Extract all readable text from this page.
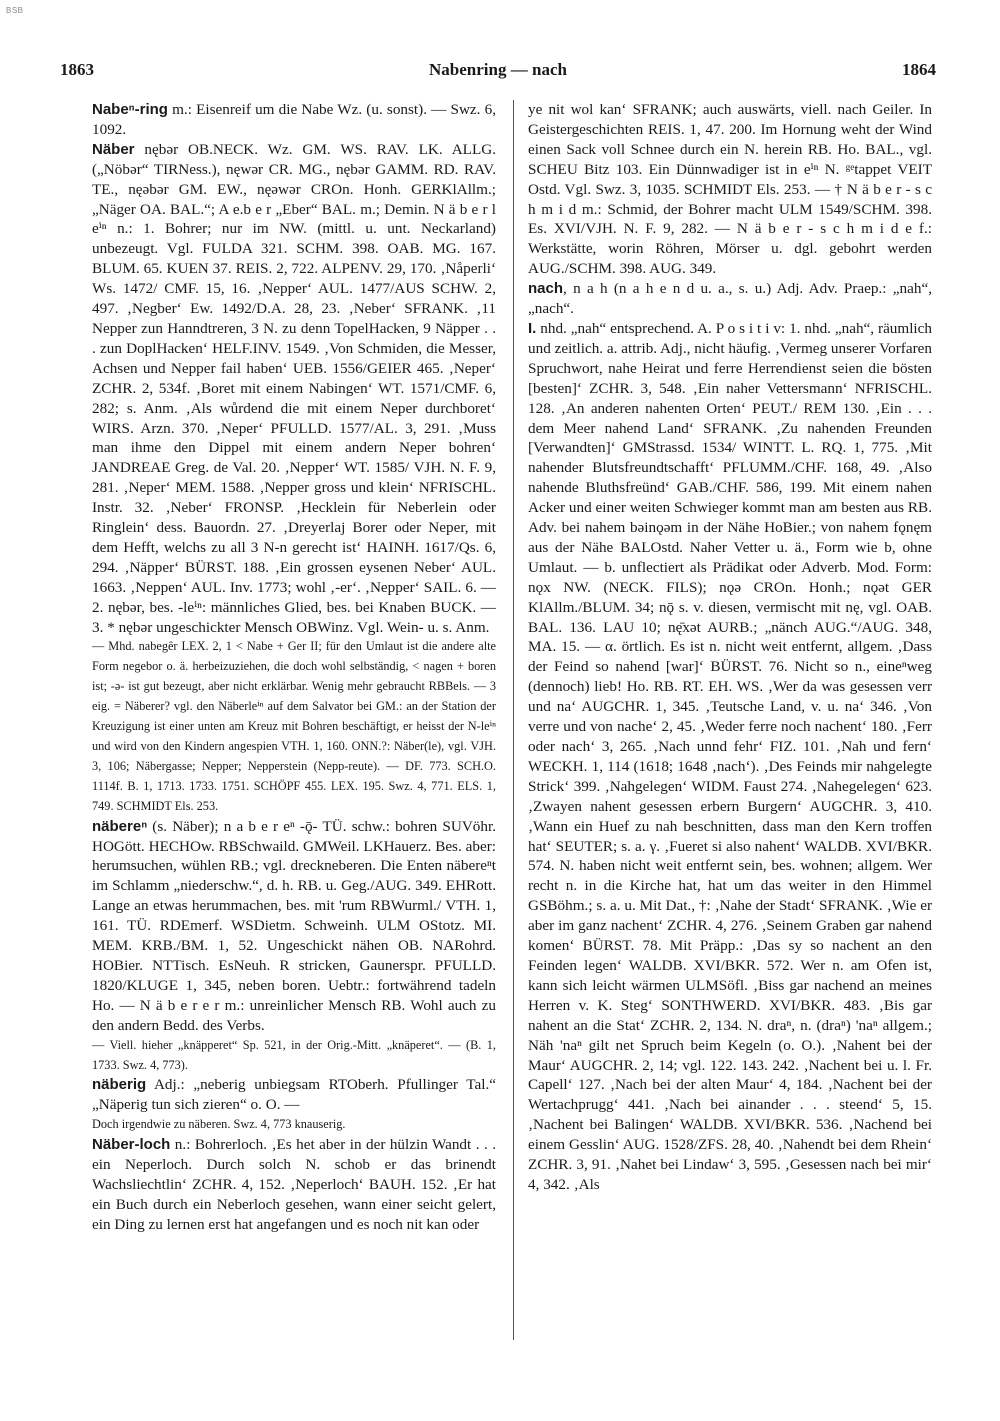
BSB
1863	Nabenring — nach	1864

Nabeⁿ-ring m.: Eisenreif um die Nabe Wz. (u. sonst). — Swz. 6, 1092.

Näber nębər OB.NECK. Wz. GM. WS. RAV. LK. ALLG. („Nöbər“ TIRNess.), nęwər CR. MG., nębər GAMM. RD. RAV. TE., nęəbər GM. EW., nęəwər CROn. Honh. GERKlAllm.; „Näger OA. BAL.“; A e.b e r „Eber“ BAL. m.; Demin. N ä b e r l eⁱⁿ n.: 1. Bohrer; nur im NW. (mittl. u. unt. Neckarland) unbezeugt. Vgl. FULDA 321. SCHM. 398. OAB. MG. 167. BLUM. 65. KUEN 37. REIS. 2, 722. ALPENV. 29, 170. ‚Nåperli‘ Ws. 1472/ CMF. 15, 16. ‚Nepper‘ AUL. 1477/AUS SCHW. 2, 497. ‚Negber‘ Ew. 1492/D.A. 28, 23. ‚Neber‘ SFRANK. ‚11 Nepper zun Hanndtreren, 3 N. zu denn TopelHacken, 9 Näpper . . . zun DoplHacken‘ HELF.INV. 1549. ‚Von Schmiden, die Messer, Achsen und Nepper fail haben‘ UEB. 1556/GEIER 465. ‚Neper‘ ZCHR. 2, 534f. ‚Boret mit einem Nabingen‘ WT. 1571/CMF. 6, 282; s. Anm. ‚Als wůrdend die mit einem Neper durchboret‘ WIRS. Arzn. 370. ‚Neper‘ PFULLD. 1577/AL. 3, 291. ‚Muss man ihme den Dippel mit einem andern Neper bohren‘ JANDREAE Greg. de Val. 20. ‚Nepper‘ WT. 1585/ VJH. N. F. 9, 281. ‚Neper‘ MEM. 1588. ‚Nepper gross und klein‘ NFRISCHL. Instr. 32. ‚Neber‘ FRONSP. ‚Hecklein für Neberlein oder Ringlein‘ dess. Bauordn. 27. ‚Dreyerlaj Borer oder Neper, mit dem Hefft, welchs zu all 3 N-n gerecht ist‘ HAINH. 1617/Qs. 6, 294. ‚Näpper‘ BÜRST. 188. ‚Ein grossen eysenen Neber‘ AUL. 1663. ‚Neppen‘ AUL. Inv. 1773; wohl ‚-er‘. ‚Nepper‘ SAIL. 6. — 2. nębər, bes. -leⁱⁿ: männliches Glied, bes. bei Knaben BUCK. — 3. * nębər ungeschickter Mensch OBWinz. Vgl. Wein- u. s. Anm.

— Mhd. nabegêr LEX. 2, 1 < Nabe + Ger II; für den Umlaut ist die andere alte Form negebor o. ä. herbeizuziehen, die doch wohl selbständig, < nagen + boren ist; -ə- ist gut bezeugt, aber nicht erklärbar. Wenig mehr gebraucht RBBels. — 3 eig. = Näberer? vgl. den Näberleⁱⁿ auf dem Salvator bei GM.: an der Station der Kreuzigung ist einer unten am Kreuz mit Bohren beschäftigt, er heisst der N-leⁱⁿ und wird von den Kindern angespien VTH. 1, 160. ONN.?: Näber(le), vgl. VJH. 3, 106; Näbergasse; Nepper; Nepperstein (Nepp-reute). — DF. 773. SCH.O. 1114f. B. 1, 1713. 1733. 1751. SCHÖPF 455. LEX. 195. Swz. 4, 771. ELS. 1, 749. SCHMIDT Els. 253.

näbereⁿ (s. Näber); n a b e r eⁿ -ǭ- TÜ. schw.: bohren SUVöhr. HOGött. HECHOw. RBSchwaild. GMWeil. LKHauerz. Bes. aber: herumsuchen, wühlen RB.; vgl. dreckneberen. Die Enten näbereⁿt im Schlamm „niederschw.“, d. h. RB. u. Geg./AUG. 349. EHRott. Lange an etwas herummachen, bes. mit 'rum RBWurml./ VTH. 1, 161. TÜ. RDEmerf. WSDietm. Schweinh. ULM OStotz. MI. MEM. KRB./BM. 1, 52. Ungeschickt nähen OB. NARohrd. HOBier. NTTisch. EsNeuh. R stricken, Gaunerspr. PFULLD. 1820/KLUGE 1, 345, neben boren. Uebtr.: fortwährend tadeln Ho. — N ä b e r e r m.: unreinlicher Mensch RB. Wohl auch zu den andern Bedd. des Verbs.

— Viell. hieher „knäpperet“ Sp. 521, in der Orig.-Mitt. „knäperet“. — (B. 1, 1733. Swz. 4, 773).

näberig Adj.: „neberig unbiegsam RTOberh. Pfullinger Tal.“ „Näperig tun sich zieren“ o. O. —

Doch irgendwie zu näberen. Swz. 4, 773 knauserig.

Näber-loch n.: Bohrerloch. ‚Es het aber in der hülzin Wandt . . . ein Neperloch. Durch solch N. schob er das brinendt Wachsliechtlin‘ ZCHR. 4, 152. ‚Neperloch‘ BAUH. 152. ‚Er hat ein Buch durch ein Neberloch gesehen, wann einer seicht gelert, ein Ding zu lernen erst hat angefangen und es noch nit kan oder

ye nit wol kan‘ SFRANK; auch auswärts, viell. nach Geiler. In Geistergeschichten REIS. 1, 47. 200. Im Hornung weht der Wind einen Sack voll Schnee durch ein N. herein RB. Ho. BAL., vgl. SCHEU Bitz 103. Ein Dünnwadiger ist in eⁱⁿ N. ᵍᵉtappet VEIT Ostd. Vgl. Swz. 3, 1035. SCHMIDT Els. 253. — † N ä b e r - s c h m i d m.: Schmid, der Bohrer macht ULM 1549/SCHM. 398. Es. XVI/VJH. N. F. 9, 282. — N ä b e r - s c h m i d e f.: Werkstätte, worin Röhren, Mörser u. dgl. gebohrt werden AUG./SCHM. 398. AUG. 349.

nach, n a h (n a h e n d u. a., s. u.) Adj. Adv. Praep.: „nah“, „nach“.

I. nhd. „nah“ entsprechend. A. P o s i t i v: 1. nhd. „nah“, räumlich und zeitlich. a. attrib. Adj., nicht häufig. ‚Vermeg unserer Vorfaren Spruchwort, nahe Heirat und ferre Herrendienst seien die bösten [besten]‘ ZCHR. 3, 548. ‚Ein naher Vettersmann‘ NFRISCHL. 128. ‚An anderen nahenten Orten‘ PEUT./ REM 130. ‚Ein . . . dem Meer nahend Land‘ SFRANK. ‚Zu nahenden Freunden [Verwandten]‘ GMStrassd. 1534/ WINTT. L. RQ. 1, 775. ‚Mit nahender Blutsfreundtschafft‘ PFLUMM./CHF. 168, 49. ‚Also nahende Bluthsfreünd‘ GAB./CHF. 586, 199. Mit einem nahen Acker und einer weiten Schwieger kommt man am besten aus RB. Adv. bei nahem bəinǫəm in der Nähe HoBier.; von nahem fǫnęm aus der Nähe BALOstd. Naher Vetter u. ä., Form wie b, ohne Umlaut. — b. unflectiert als Prädikat oder Adverb. Mod. Form: nǫx NW. (NECK. FILS); nǫə CROn. Honh.; nǫət GER KlAllm./BLUM. 34; nǭ s. v. diesen, vermischt mit nę, vgl. OAB. BAL. 136. LAU 10; nę̄xət AURB.; „nänch AUG.“/AUG. 348, MA. 15. — α. örtlich. Es ist n. nicht weit entfernt, allgem. ‚Dass der Feind so nahend [war]‘ BÜRST. 76. Nicht so n., eineⁿweg (dennoch) lieb! Ho. RB. RT. EH. WS. ‚Wer da was gesessen verr und na‘ AUGCHR. 1, 345. ‚Teutsche Land, v. u. na‘ 346. ‚Von verre und von nache‘ 2, 45. ‚Weder ferre noch nachent‘ 180. ‚Ferr oder nach‘ 3, 265. ‚Nach unnd fehr‘ FIZ. 101. ‚Nah und fern‘ WECKH. 1, 114 (1618; 1648 ‚nach‘). ‚Des Feinds mir nahgelegte Strick‘ 399. ‚Nahgelegen‘ WIDM. Faust 274. ‚Nahegelegen‘ 623. ‚Zwayen nahent gesessen erbern Burgern‘ AUGCHR. 3, 410. ‚Wann ein Huef zu nah beschnitten, dass man den Kern troffen hat‘ SEUTER; s. a. γ. ‚Fueret si also nahent‘ WALDB. XVI/BKR. 574. N. haben nicht weit entfernt sein, bes. wohnen; allgem. Wer recht n. in die Kirche hat, hat um das weiter in den Himmel GSBöhm.; s. a. u. Mit Dat., †: ‚Nahe der Stadt‘ SFRANK. ‚Wie er aber im ganz nachent‘ ZCHR. 4, 276. ‚Seinem Graben gar nahend komen‘ BÜRST. 78. Mit Präpp.: ‚Das sy so nachent an den Feinden legen‘ WALDB. XVI/BKR. 572. Wer n. am Ofen ist, kann sich leicht wärmen ULMSöfl. ‚Biss gar nachend an meines Herren v. K. Steg‘ SONTHWERD. XVI/BKR. 483. ‚Bis gar nahent an die Stat‘ ZCHR. 2, 134. N. draⁿ, n. (draⁿ) 'naⁿ allgem.; Näh 'naⁿ gilt net Spruch beim Kegeln (o. O.). ‚Nahent bei der Maur‘ AUGCHR. 2, 14; vgl. 122. 143. 242. ‚Nachent bei u. l. Fr. Capell‘ 127. ‚Nach bei der alten Maur‘ 4, 184. ‚Nachent bei der Wertachprugg‘ 441. ‚Nach bei ainander . . . steend‘ 5, 15. ‚Nachent bei Balingen‘ WALDB. XVI/BKR. 536. ‚Nachend bei einem Gesslin‘ AUG. 1528/ZFS. 28, 40. ‚Nahendt bei dem Rhein‘ ZCHR. 3, 91. ‚Nahet bei Lindaw‘ 3, 595. ‚Gesessen nach bei mir‘ 4, 342. ‚Als
